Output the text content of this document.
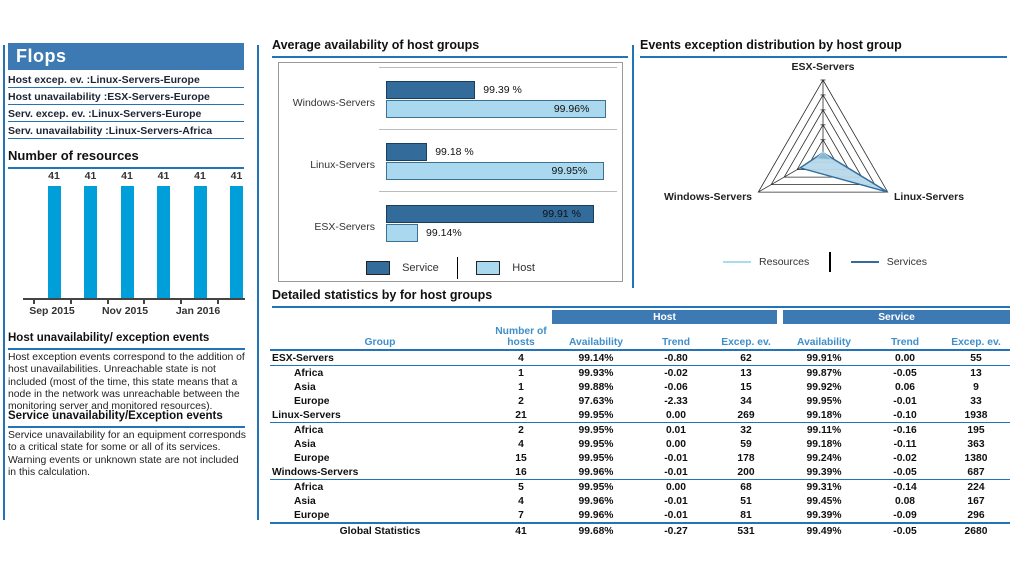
Flops
Host excep. ev. :Linux-Servers-Europe
Host unavailability :ESX-Servers-Europe
Serv. excep. ev. :Linux-Servers-Europe
Serv. unavailability :Linux-Servers-Africa
Number of resources
41	41	41	41	41	41
Sep 2015	Nov 2015	Jan 2016
Host unavailability/ exception events
Host exception events correspond to the addition of host unavailabilities. Unreachable state is not included (most of the time, this state means that a node in the network was unreachable between the monitoring server and monitored resources).
Service unavailability/Exception events
Service unavailability for an equipment corresponds to a critical state for some or all of its services. Warning events or unknown state are not included in this calculation.
Average availability of host groups
Service	Host
Windows-Servers
99.39 %
99.96%
Linux-Servers
99.18 %
99.95%
ESX-Servers
99.91 %
99.14%
Events exception distribution by host group
ESX-Servers
Linux-Servers
Windows-Servers
Resources	Services
Detailed statistics by for host groups
		Host			Service		
Group	Number of hosts	Availability	Trend	Excep. ev.	Availability	Trend	Excep. ev.
ESX-Servers	4	99.14%	-0.80	62	99.91%	0.00	55
Africa	1	99.93%	-0.02	13	99.87%	-0.05	13
Asia	1	99.88%	-0.06	15	99.92%	0.06	9
Europe	2	97.63%	-2.33	34	99.95%	-0.01	33
Linux-Servers	21	99.95%	0.00	269	99.18%	-0.10	1938
Africa	2	99.95%	0.01	32	99.11%	-0.16	195
Asia	4	99.95%	0.00	59	99.18%	-0.11	363
Europe	15	99.95%	-0.01	178	99.24%	-0.02	1380
Windows-Servers	16	99.96%	-0.01	200	99.39%	-0.05	687
Africa	5	99.95%	0.00	68	99.31%	-0.14	224
Asia	4	99.96%	-0.01	51	99.45%	0.08	167
Europe	7	99.96%	-0.01	81	99.39%	-0.09	296
Global Statistics	41	99.68%	-0.27	531	99.49%	-0.05	2680
